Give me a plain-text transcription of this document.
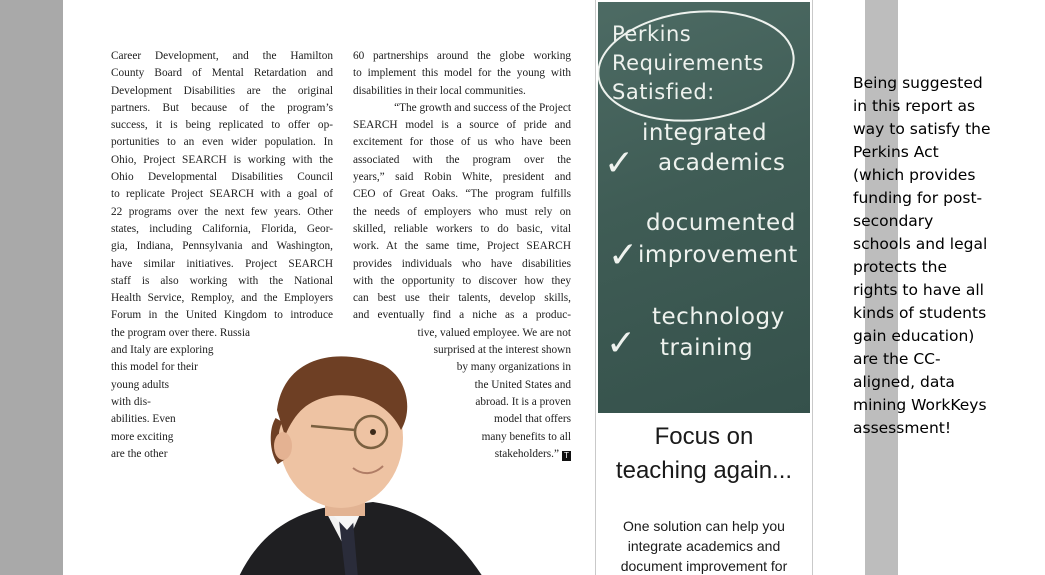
Career Development, and the Hamilton
County Board of Mental Retardation and
Development Disabilities are the original
partners. But because of the program’s
success, it is being replicated to offer op-
portunities to an even wider population. In
Ohio, Project SEARCH is working with the
Ohio Developmental Disabilities Council
to replicate Project SEARCH with a goal of
22 programs over the next few years. Other
states, including California, Florida, Geor-
gia, Indiana, Pennsylvania and Washington,
have similar initiatives. Project SEARCH
staff is also working with the National
Health Service, Remploy, and the Employers
Forum in the United Kingdom to introduce
the program over there. Russia
and Italy are exploring
this model for their
young adults
with dis-
abilities. Even
more exciting
are the other
60 partnerships around the globe working
to implement this model for the young with
disabilities in their local communities.
“The growth and success of the Project
SEARCH model is a source of pride and
excitement for those of us who have been
associated with the program over the
years,” said Robin White, president and
CEO of Great Oaks. “The program fulfills
the needs of employers who must rely on
skilled, reliable workers to do basic, vital
work. At the same time, Project SEARCH
provides individuals who have disabilities
with the opportunity to discover how they
can best use their talents, develop skills,
and eventually find a niche as a produc-
tive, valued employee. We are not
surprised at the interest shown
by many organizations in
the United States and
abroad. It is a proven
model that offers
many benefits to all
stakeholders.” T
Perkins
Requirements
Satisfied:
integrated
academics
✓
documented
improvement
✓
technology
training
✓
Focus on
teaching again...
One solution can help you
integrate academics and
document improvement for
Being suggested
in this report as
way to satisfy the
Perkins Act
(which provides
funding for post-
secondary
schools and legal
protects the
rights to have all
kinds of students
gain education)
are the CC-
aligned, data
mining WorkKeys
assessment!
